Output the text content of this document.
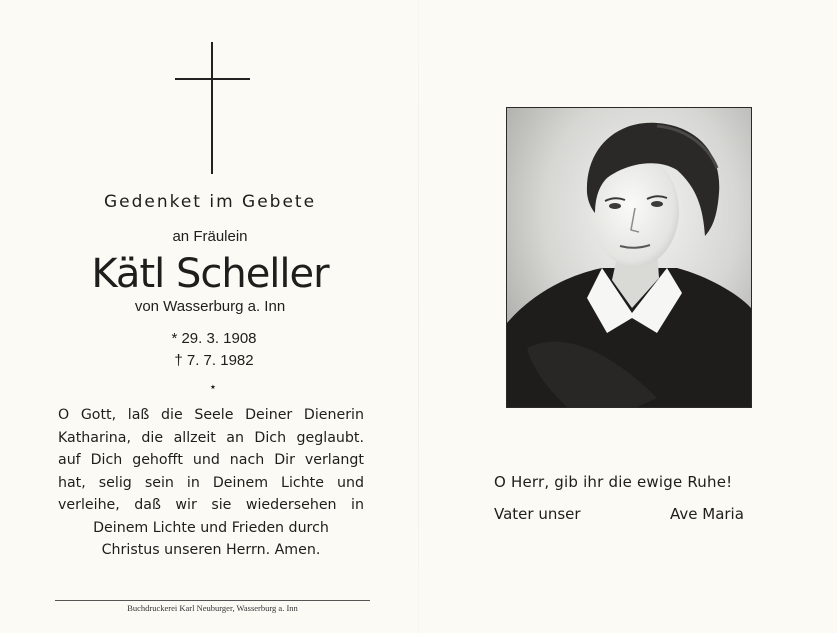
Gedenket im Gebete
an Fräulein
Kätl Scheller
von Wasserburg a. Inn
* 29. 3. 1908
† 7. 7. 1982
⋆
O Gott, laß die Seele Deiner Dienerin
Katharina, die allzeit an Dich geglaubt.
auf Dich gehofft und nach Dir verlangt
hat, selig sein in Deinem Lichte und
verleihe, daß wir sie wiedersehen in
Deinem Lichte und Frieden durch
Christus unseren Herrn. Amen.
Buchdruckerei Karl Neuburger, Wasserburg a. Inn
O Herr, gib ihr die ewige Ruhe!
Vater unser	Ave Maria
